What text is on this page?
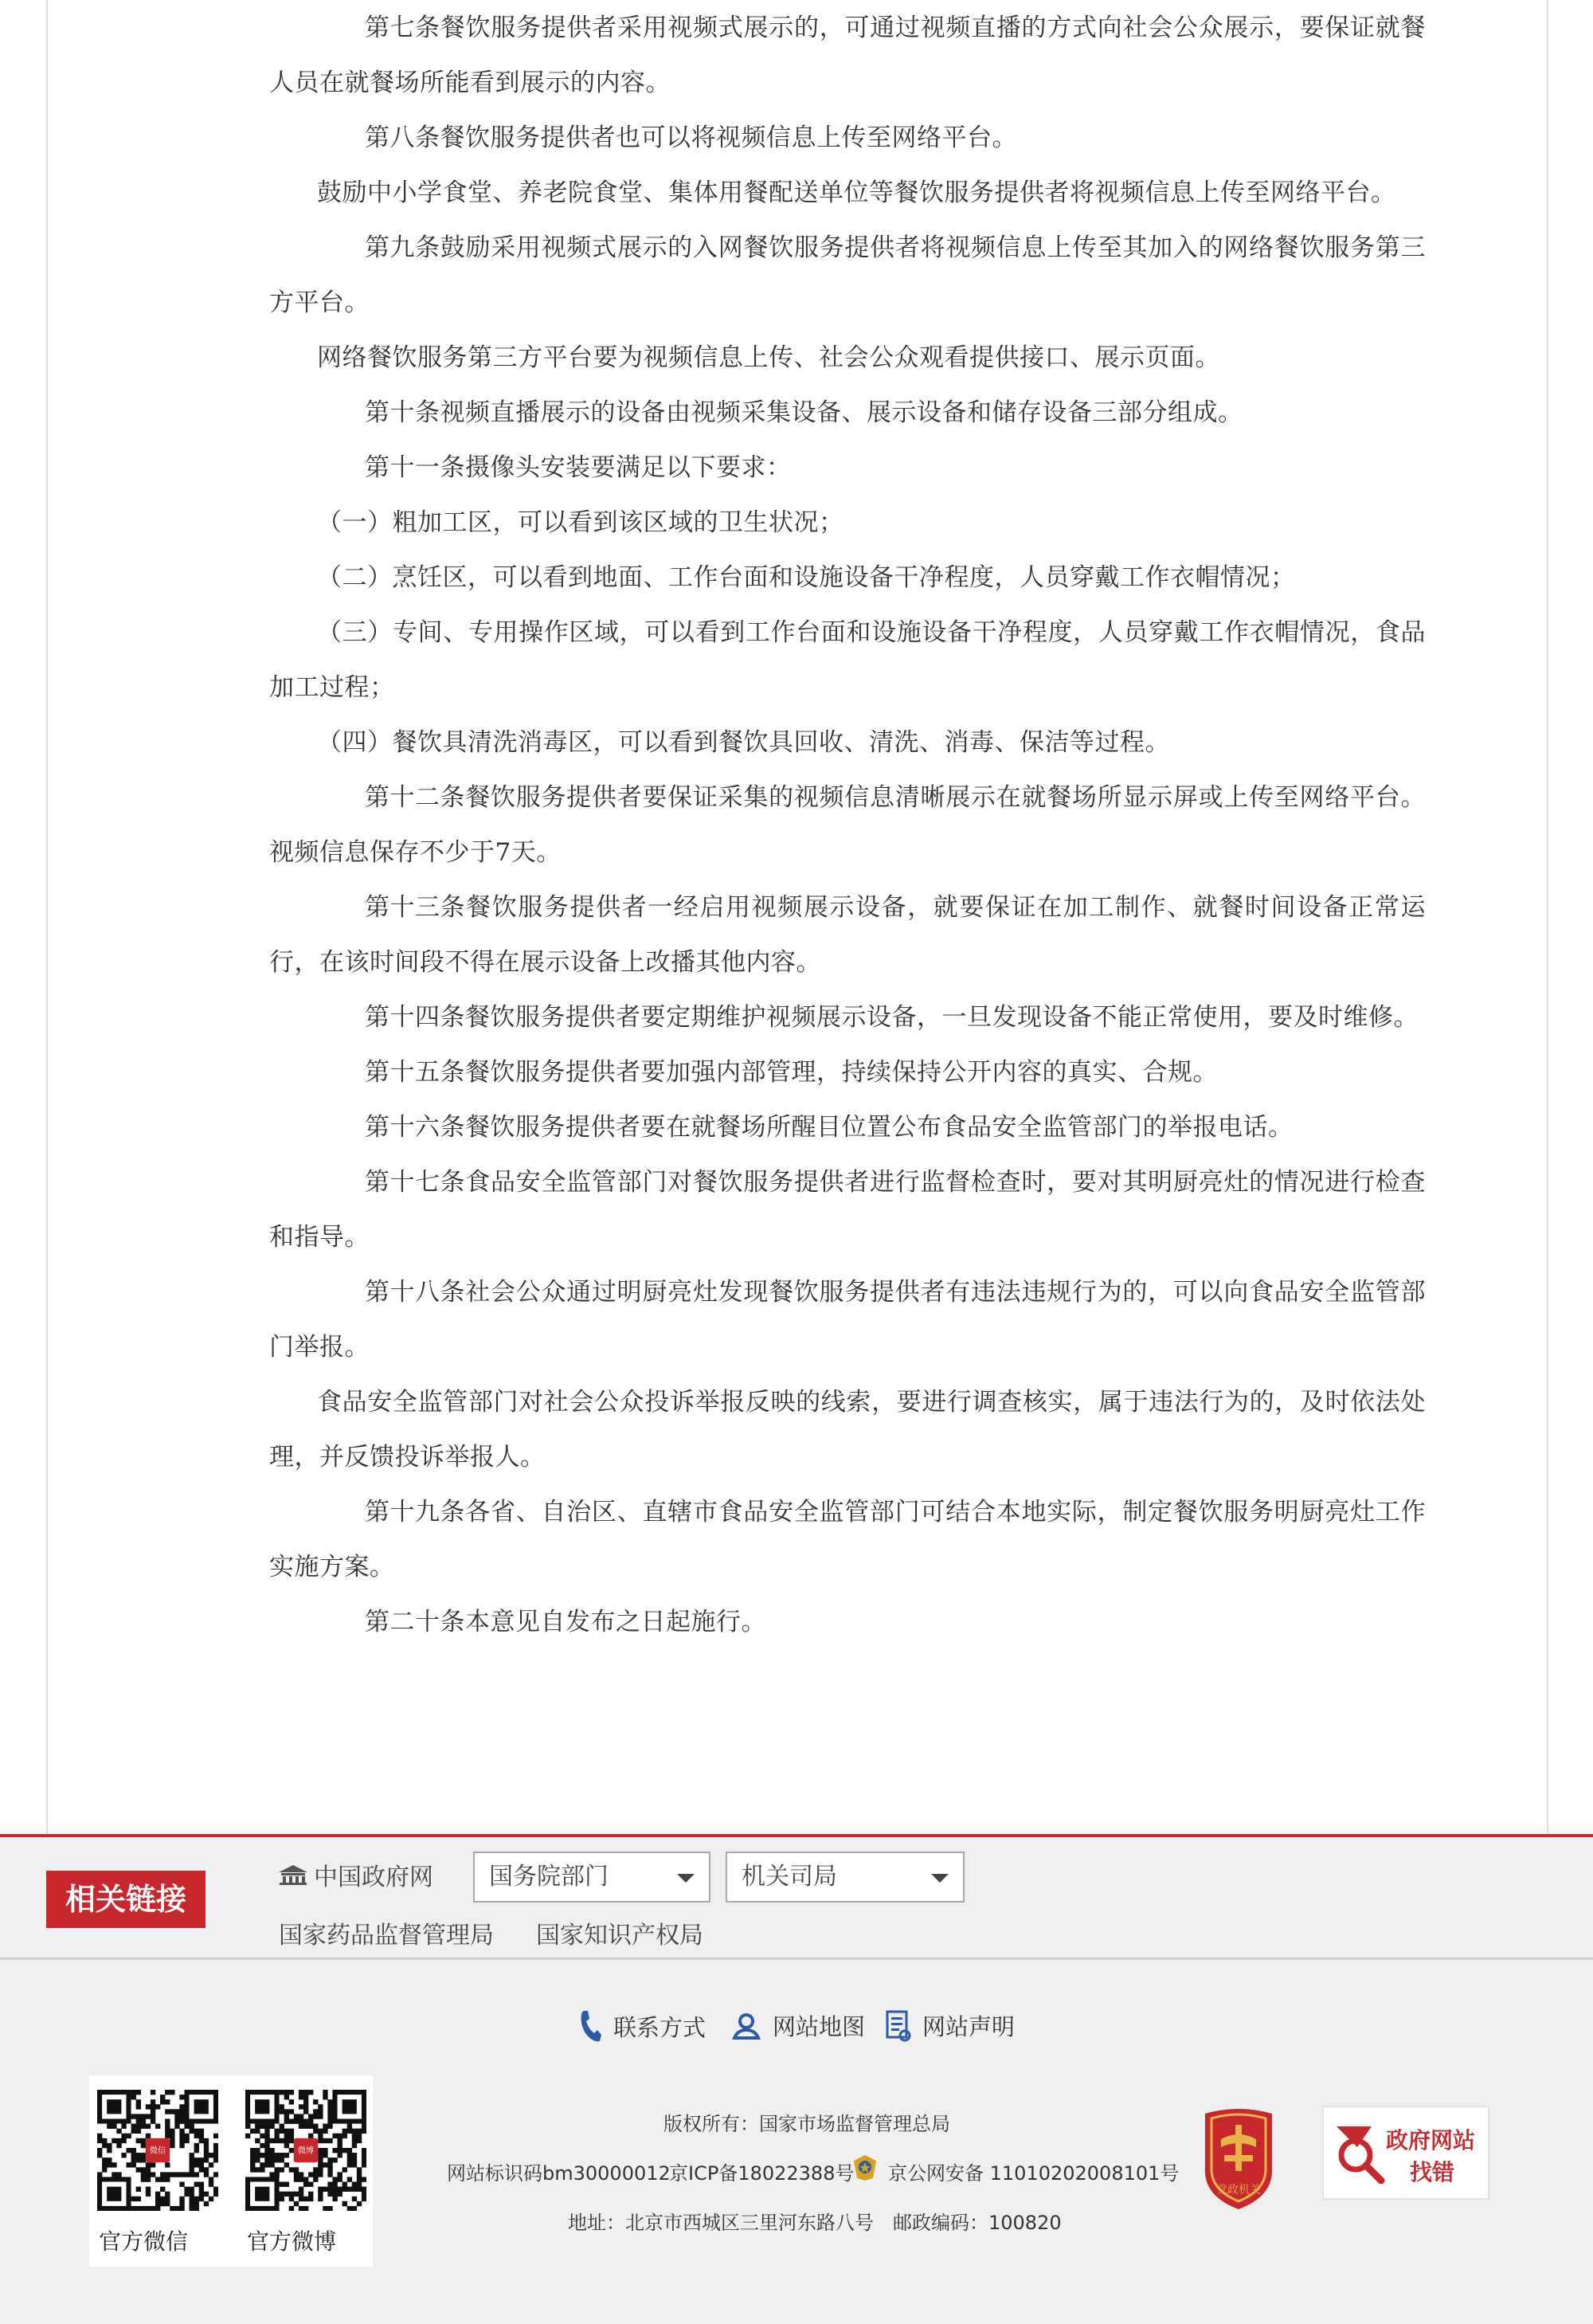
第七条餐饮服务提供者采用视频式展示的，可通过视频直播的方式向社会公众展示，要保证就餐人员在就餐场所能看到展示的内容。

第八条餐饮服务提供者也可以将视频信息上传至网络平台。

鼓励中小学食堂、养老院食堂、集体用餐配送单位等餐饮服务提供者将视频信息上传至网络平台。

第九条鼓励采用视频式展示的入网餐饮服务提供者将视频信息上传至其加入的网络餐饮服务第三方平台。

网络餐饮服务第三方平台要为视频信息上传、社会公众观看提供接口、展示页面。

第十条视频直播展示的设备由视频采集设备、展示设备和储存设备三部分组成。

第十一条摄像头安装要满足以下要求：

（一）粗加工区，可以看到该区域的卫生状况；

（二）烹饪区，可以看到地面、工作台面和设施设备干净程度，人员穿戴工作衣帽情况；

（三）专间、专用操作区域，可以看到工作台面和设施设备干净程度，人员穿戴工作衣帽情况，食品加工过程；

（四）餐饮具清洗消毒区，可以看到餐饮具回收、清洗、消毒、保洁等过程。

第十二条餐饮服务提供者要保证采集的视频信息清晰展示在就餐场所显示屏或上传至网络平台。视频信息保存不少于7天。

第十三条餐饮服务提供者一经启用视频展示设备，就要保证在加工制作、就餐时间设备正常运行，在该时间段不得在展示设备上改播其他内容。

第十四条餐饮服务提供者要定期维护视频展示设备，一旦发现设备不能正常使用，要及时维修。

第十五条餐饮服务提供者要加强内部管理，持续保持公开内容的真实、合规。

第十六条餐饮服务提供者要在就餐场所醒目位置公布食品安全监管部门的举报电话。

第十七条食品安全监管部门对餐饮服务提供者进行监督检查时，要对其明厨亮灶的情况进行检查和指导。

第十八条社会公众通过明厨亮灶发现餐饮服务提供者有违法违规行为的，可以向食品安全监管部门举报。

食品安全监管部门对社会公众投诉举报反映的线索，要进行调查核实，属于违法行为的，及时依法处理，并反馈投诉举报人。

第十九条各省、自治区、直辖市食品安全监管部门可结合本地实际，制定餐饮服务明厨亮灶工作实施方案。

第二十条本意见自发布之日起施行。

相关链接
中国政府网	国务院部门	机关司局
国家药品监督管理局 国家知识产权局
联系方式	网站地图 网站声明
微信	微博
官方微信	官方微博
版权所有：国家市场监督管理总局
网站标识码bm30000012
京ICP备18022388号 京公网安备 11010202008101号
地址：北京市西城区三里河东路八号　邮政编码：100820
党政机关
政府网站
找错
